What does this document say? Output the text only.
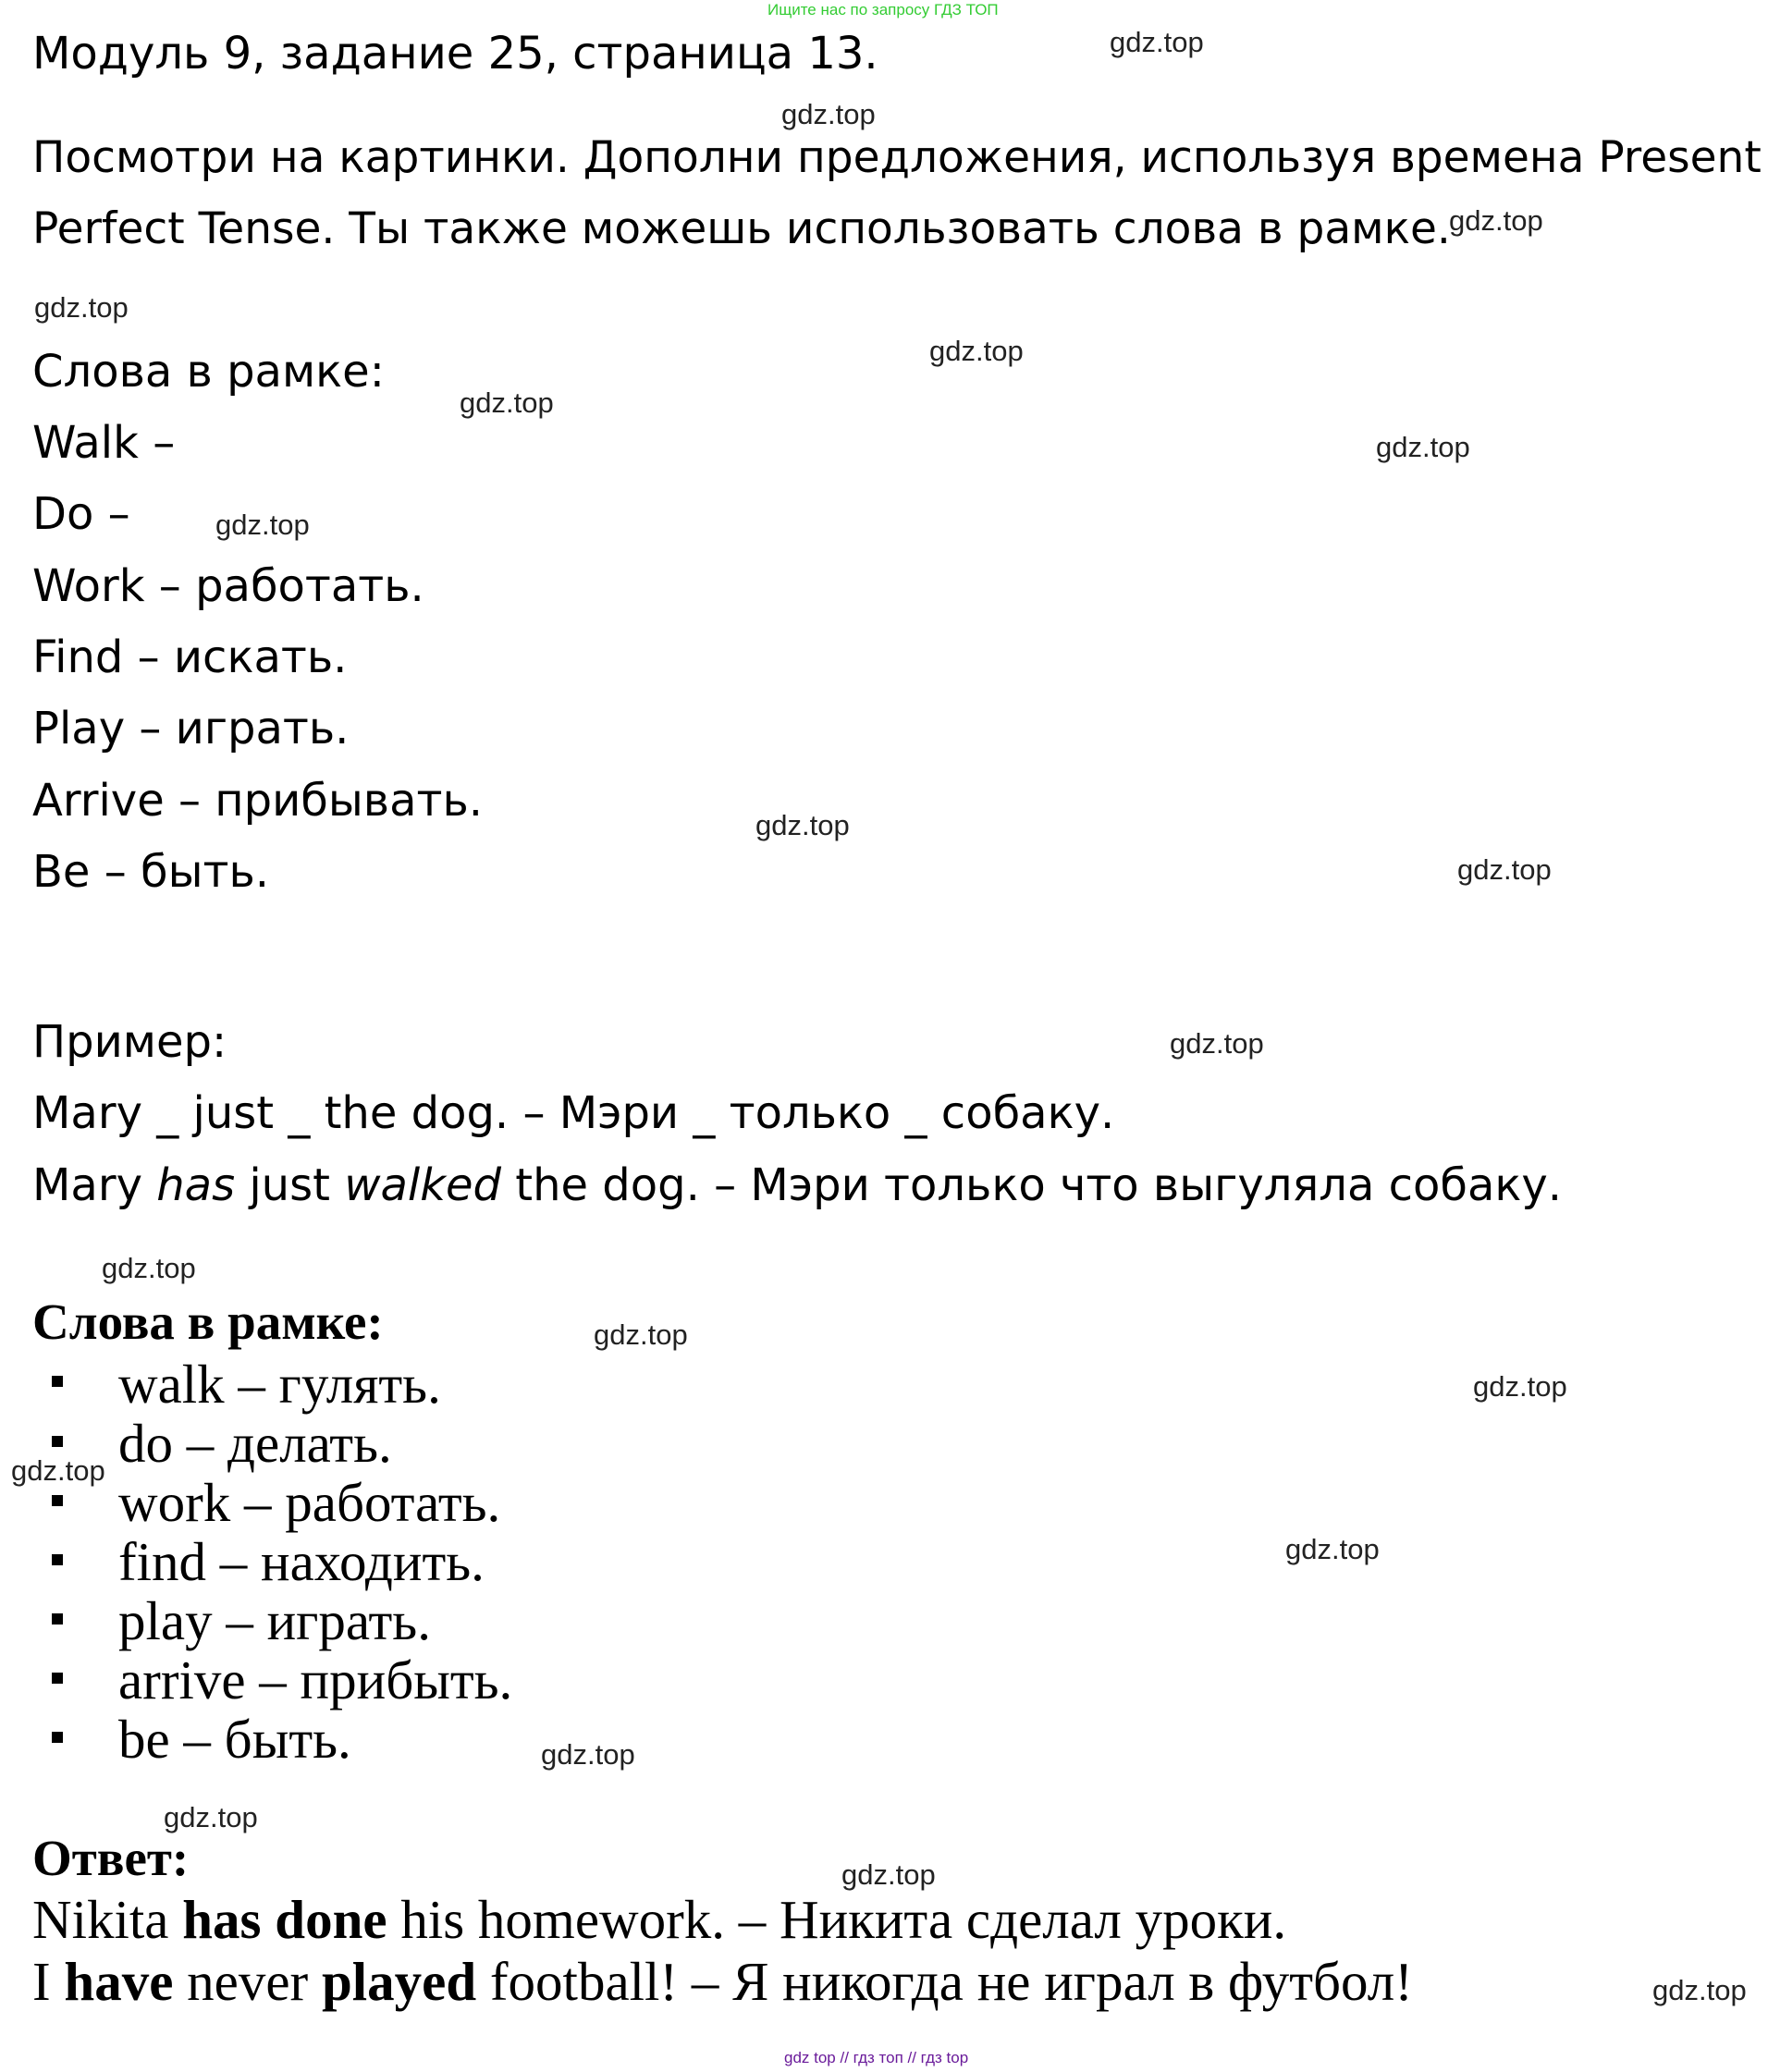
Ищите нас по запросу ГДЗ ТОП
gdz top // гдз топ // гдз top
Модуль 9, задание 25, страница 13.
Посмотри на картинки. Дополни предложения, используя времена Present
Perfect Tense. Ты также можешь использовать слова в рамке.
Слова в рамке:
Walk –
Do –
Work – работать.
Find – искать.
Play – играть.
Arrive – прибывать.
Be – быть.
Пример:
Mary _ just _ the dog. – Мэри _ только _ собаку.
Mary has just walked the dog. – Мэри только что выгуляла собаку.
Слова в рамке:
walk – гулять.
do – делать.
work – работать.
find – находить.
play – играть.
arrive – прибыть.
be – быть.
Ответ:
Nikita has done his homework. – Никита сделал уроки.
I have never played football! – Я никогда не играл в футбол!
gdz.top
gdz.top
gdz.top
gdz.top
gdz.top
gdz.top
gdz.top
gdz.top
gdz.top
gdz.top
gdz.top
gdz.top
gdz.top
gdz.top
gdz.top
gdz.top
gdz.top
gdz.top
gdz.top
gdz.top
